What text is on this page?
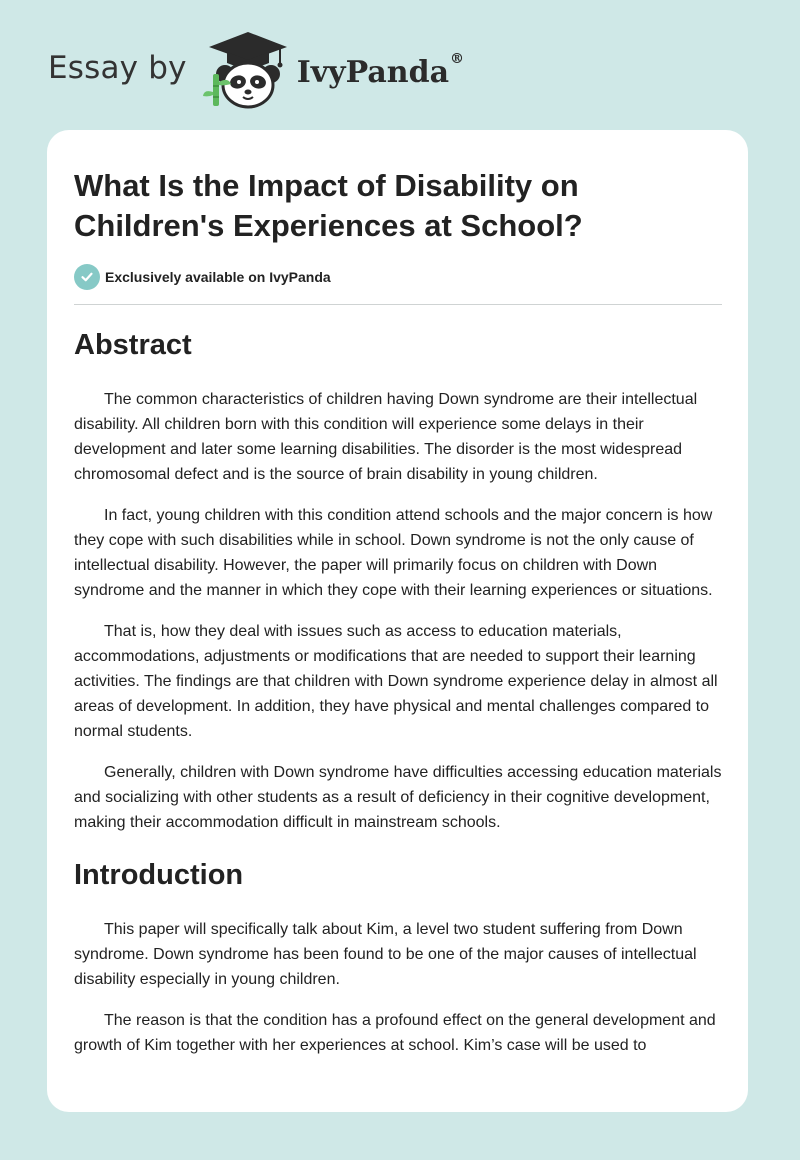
Essay by	IvyPanda®
What Is the Impact of Disability on
Children's Experiences at School?
Exclusively available on IvyPanda
Abstract

The common characteristics of children having Down syndrome are their intellectual disability. All children born with this condition will experience some delays in their development and later some learning disabilities. The disorder is the most widespread chromosomal defect and is the source of brain disability in young children.

In fact, young children with this condition attend schools and the major concern is how they cope with such disabilities while in school. Down syndrome is not the only cause of intellectual disability. However, the paper will primarily focus on children with Down syndrome and the manner in which they cope with their learning experiences or situations.

That is, how they deal with issues such as access to education materials, accommodations, adjustments or modifications that are needed to support their learning activities. The findings are that children with Down syndrome experience delay in almost all areas of development. In addition, they have physical and mental challenges compared to normal students.

Generally, children with Down syndrome have difficulties accessing education materials and socializing with other students as a result of deficiency in their cognitive development, making their accommodation difficult in mainstream schools.

Introduction

This paper will specifically talk about Kim, a level two student suffering from Down syndrome. Down syndrome has been found to be one of the major causes of intellectual disability especially in young children.

The reason is that the condition has a profound effect on the general development and growth of Kim together with her experiences at school. Kim’s case will be used to
